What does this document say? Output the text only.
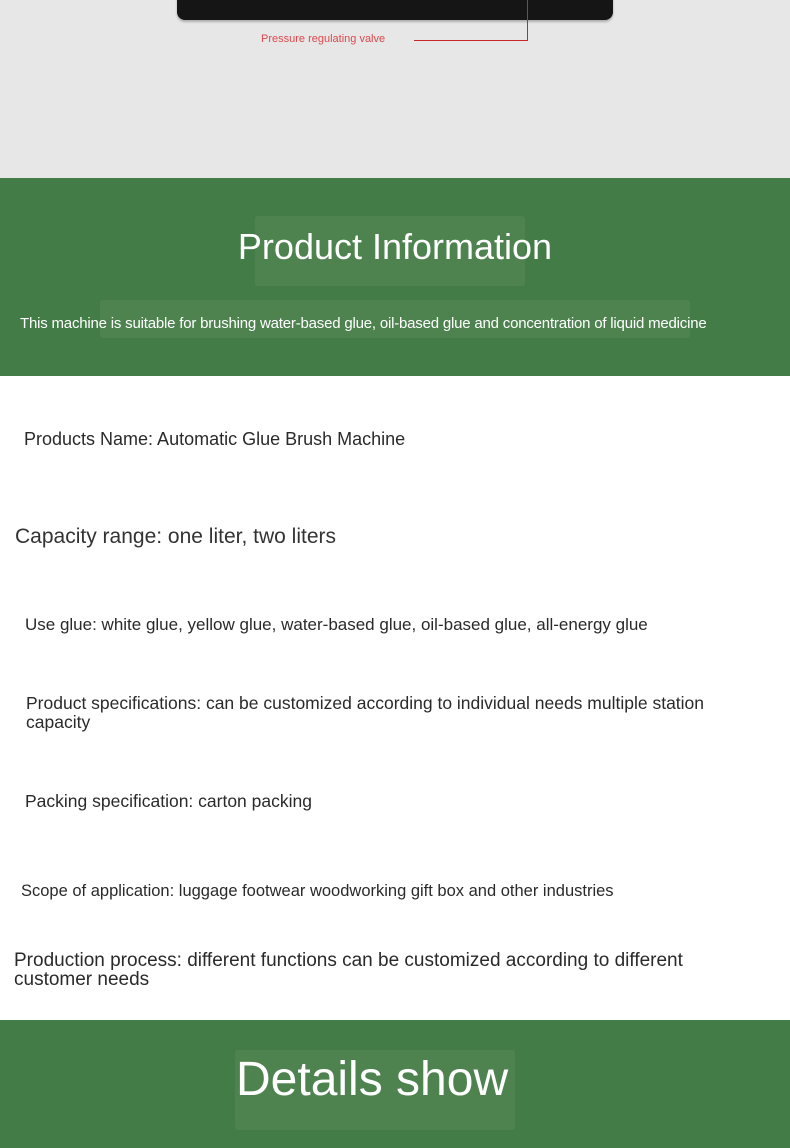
Pressure regulating valve
Product Information
This machine is suitable for brushing water-based glue, oil-based glue and concentration of liquid medicine
Products Name: Automatic Glue Brush Machine
Capacity range: one liter, two liters
Use glue: white glue, yellow glue, water-based glue, oil-based glue, all-energy glue
Product specifications: can be customized according to individual needs multiple station capacity
Packing specification: carton packing
Scope of application: luggage footwear woodworking gift box and other industries
Production process: different functions can be customized according to different customer needs
Details show
